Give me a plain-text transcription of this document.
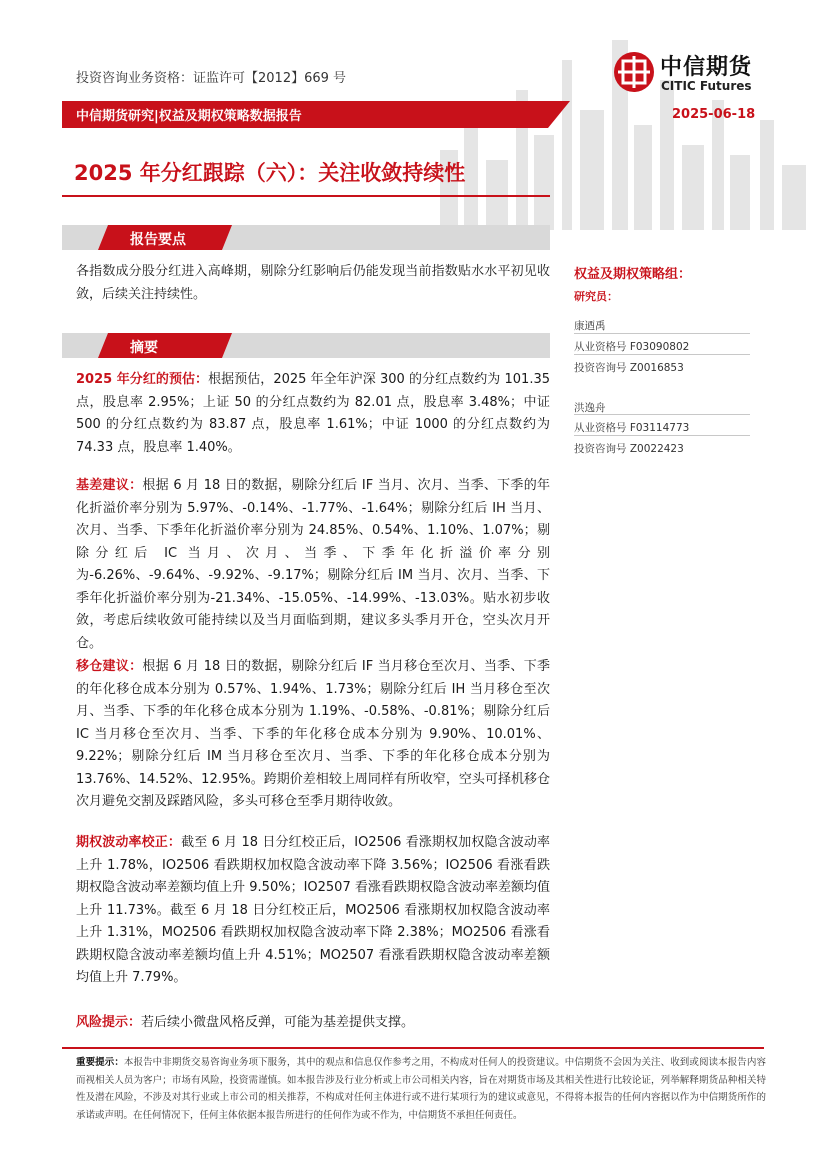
投资咨询业务资格：证监许可【2012】669 号	中信期货
CITIC Futures
中信期货研究|权益及期权策略数据报告	2025-06-18
2025 年分红跟踪（六）：关注收敛持续性
报告要点
各指数成分股分红进入高峰期，剔除分红影响后仍能发现当前指数贴水水平初见收敛，后续关注持续性。
摘要
2025 年分红的预估：根据预估，2025 年全年沪深 300 的分红点数约为 101.35 点，股息率 2.95%；上证 50 的分红点数约为 82.01 点，股息率 3.48%；中证 500 的分红点数约为 83.87 点，股息率 1.61%；中证 1000 的分红点数约为 74.33 点，股息率 1.40%。
基差建议：根据 6 月 18 日的数据，剔除分红后 IF 当月、次月、当季、下季的年化折溢价率分别为 5.97%、-0.14%、-1.77%、-1.64%；剔除分红后 IH 当月、次月、当季、下季年化折溢价率分别为 24.85%、0.54%、1.10%、1.07%；剔除分红后 IC 当月、次月、当季、下季年化折溢价率分别为-6.26%、-9.64%、-9.92%、-9.17%；剔除分红后 IM 当月、次月、当季、下季年化折溢价率分别为-21.34%、-15.05%、-14.99%、-13.03%。贴水初步收敛，考虑后续收敛可能持续以及当月面临到期，建议多头季月开仓，空头次月开仓。
移仓建议：根据 6 月 18 日的数据，剔除分红后 IF 当月移仓至次月、当季、下季的年化移仓成本分别为 0.57%、1.94%、1.73%；剔除分红后 IH 当月移仓至次月、当季、下季的年化移仓成本分别为 1.19%、-0.58%、-0.81%；剔除分红后 IC 当月移仓至次月、当季、下季的年化移仓成本分别为 9.90%、10.01%、9.22%；剔除分红后 IM 当月移仓至次月、当季、下季的年化移仓成本分别为 13.76%、14.52%、12.95%。跨期价差相较上周同样有所收窄，空头可择机移仓次月避免交割及踩踏风险，多头可移仓至季月期待收敛。
期权波动率校正：截至 6 月 18 日分红校正后，IO2506 看涨期权加权隐含波动率上升 1.78%，IO2506 看跌期权加权隐含波动率下降 3.56%；IO2506 看涨看跌期权隐含波动率差额均值上升 9.50%；IO2507 看涨看跌期权隐含波动率差额均值上升 11.73%。截至 6 月 18 日分红校正后，MO2506 看涨期权加权隐含波动率上升 1.31%，MO2506 看跌期权加权隐含波动率下降 2.38%；MO2506 看涨看跌期权隐含波动率差额均值上升 4.51%；MO2507 看涨看跌期权隐含波动率差额均值上升 7.79%。
风险提示：若后续小微盘风格反弹，可能为基差提供支撑。
权益及期权策略组：
研究员：
康迺禹
从业资格号 F03090802
投资咨询号 Z0016853
洪逸舟
从业资格号 F03114773
投资咨询号 Z0022423
重要提示：本报告中非期货交易咨询业务项下服务，其中的观点和信息仅作参考之用，不构成对任何人的投资建议。中信期货不会因为关注、收到或阅读本报告内容而视相关人员为客户；市场有风险，投资需谨慎。如本报告涉及行业分析或上市公司相关内容，旨在对期货市场及其相关性进行比较论证，列举解释期货品种相关特性及潜在风险，不涉及对其行业或上市公司的相关推荐，不构成对任何主体进行或不进行某项行为的建议或意见，不得将本报告的任何内容据以作为中信期货所作的承诺或声明。在任何情况下，任何主体依据本报告所进行的任何作为或不作为，中信期货不承担任何责任。
